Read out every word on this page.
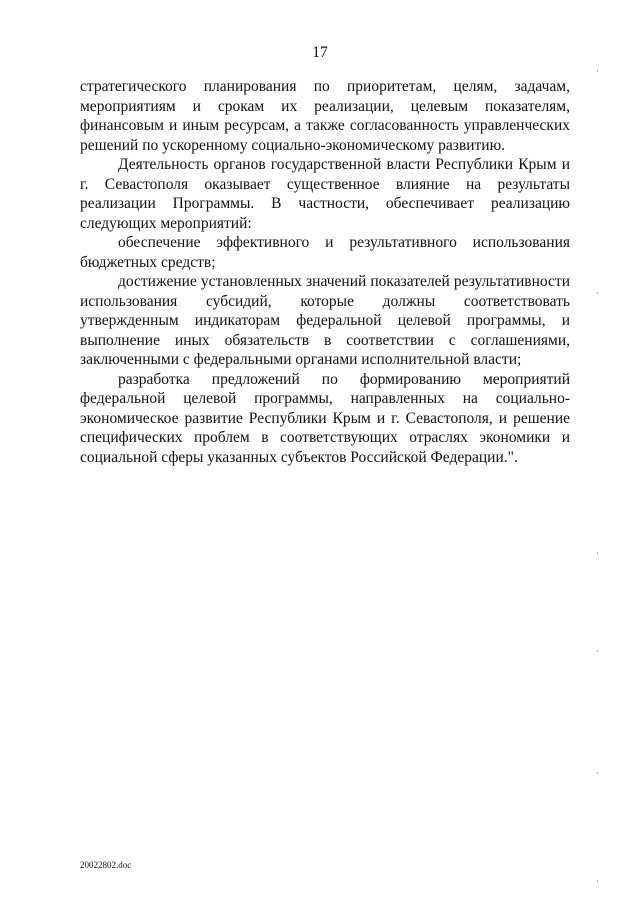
17

стратегического планирования по приоритетам, целям, задачам, мероприятиям и срокам их реализации, целевым показателям, финансовым и иным ресурсам, а также согласованность управленческих решений по ускоренному социально-экономическому развитию.

Деятельность органов государственной власти Республики Крым и г. Севастополя оказывает существенное влияние на результаты реализации Программы. В частности, обеспечивает реализацию следующих мероприятий:

обеспечение эффективного и результативного использования бюджетных средств;

достижение установленных значений показателей результативности использования субсидий, которые должны соответствовать утвержденным индикаторам федеральной целевой программы, и выполнение иных обязательств в соответствии с соглашениями, заключенными с федеральными органами исполнительной власти;

разработка предложений по формированию мероприятий федеральной целевой программы, направленных на социально-экономическое развитие Республики Крым и г. Севастополя, и решение специфических проблем в соответствующих отраслях экономики и социальной сферы указанных субъектов Российской Федерации.".

20022802.doc
